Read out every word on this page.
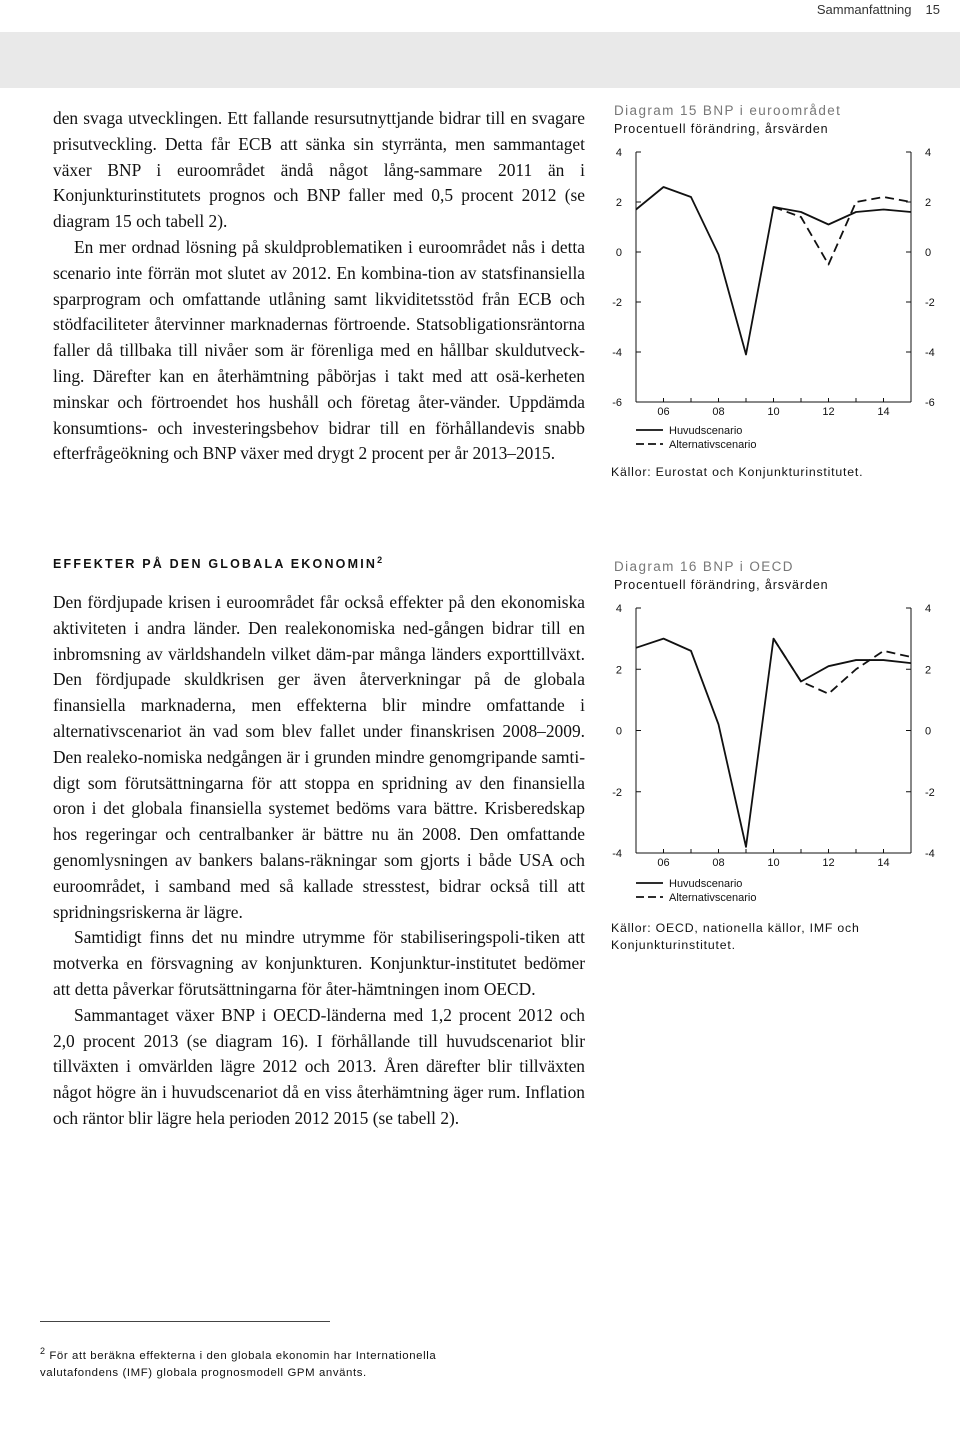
Sammanfattning 15

den svaga utvecklingen. Ett fallande resursutnyttjande bidrar till en svagare prisutveckling. Detta får ECB att sänka sin styrränta, men sammantaget växer BNP i euroområdet ändå något lång-sammare 2011 än i Konjunkturinstitutets prognos och BNP faller med 0,5 procent 2012 (se diagram 15 och tabell 2).

En mer ordnad lösning på skuldproblematiken i euroområdet nås i detta scenario inte förrän mot slutet av 2012. En kombina-tion av statsfinansiella sparprogram och omfattande utlåning samt likviditetsstöd från ECB och stödfaciliteter återvinner marknadernas förtroende. Statsobligationsräntorna faller då tillbaka till nivåer som är förenliga med en hållbar skuldutveck-ling. Därefter kan en återhämtning påbörjas i takt med att osä-kerheten minskar och förtroendet hos hushåll och företag åter-vänder. Uppdämda konsumtions- och investeringsbehov bidrar till en förhållandevis snabb efterfrågeökning och BNP växer med drygt 2 procent per år 2013–2015.

EFFEKTER PÅ DEN GLOBALA EKONOMIN$^2$

Den fördjupade krisen i euroområdet får också effekter på den ekonomiska aktiviteten i andra länder. Den realekonomiska ned-gången bidrar till en inbromsning av världshandeln vilket däm-par många länders exporttillväxt. Den fördjupade skuldkrisen ger även återverkningar på de globala finansiella marknaderna, men effekterna blir mindre omfattande i alternativscenariot än vad som blev fallet under finanskrisen 2008–2009. Den realeko-nomiska nedgången är i grunden mindre genomgripande samti-digt som förutsättningarna för att stoppa en spridning av den finansiella oron i det globala finansiella systemet bedöms vara bättre. Krisberedskap hos regeringar och centralbanker är bättre nu än 2008. Den omfattande genomlysningen av bankers balans-räkningar som gjorts i både USA och euroområdet, i samband med så kallade stresstest, bidrar också till att spridningsriskerna är lägre.

Samtidigt finns det nu mindre utrymme för stabiliseringspoli-tiken att motverka en försvagning av konjunkturen. Konjunktur-institutet bedömer att detta påverkar förutsättningarna för åter-hämtningen inom OECD.

Sammantaget växer BNP i OECD-länderna med 1,2 procent 2012 och 2,0 procent 2013 (se diagram 16). I förhållande till huvudscenariot blir tillväxten i omvärlden lägre 2012 och 2013. Åren därefter blir tillväxten något högre än i huvudscenariot då en viss återhämtning äger rum. Inflation och räntor blir lägre hela perioden 2012 2015 (se tabell 2).

Diagram 15 BNP i euroområdet

Procentuell förändring, årsvärden

4	4
2	2
0	0
-2	-2
-4	-4
-6	-6
06	08	10	12	14
Huvudscenario
Alternativscenario

Källor: Eurostat och Konjunkturinstitutet.

Diagram 16 BNP i OECD

Procentuell förändring, årsvärden

4	4
2	2
0	0
-2	-2
-4	-4
06	08	10	12	14
Huvudscenario
Alternativscenario

Källor: OECD, nationella källor, IMF och
Konjunkturinstitutet.

$^2$ För att beräkna effekterna i den globala ekonomin har Internationella
valutafondens (IMF) globala prognosmodell GPM använts.
